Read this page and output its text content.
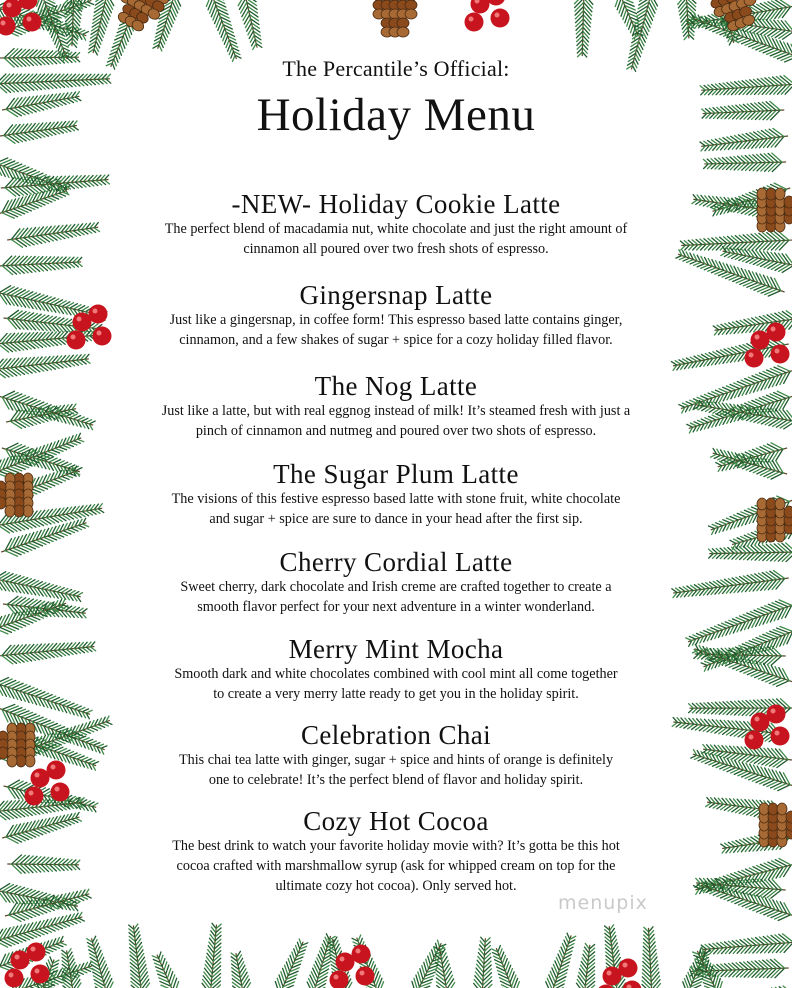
The Percantile’s Official:
Holiday Menu
-NEW- Holiday Cookie Latte
The perfect blend of macadamia nut, white chocolate and just the right amount of
cinnamon all poured over two fresh shots of espresso.
Gingersnap Latte
Just like a gingersnap, in coffee form! This espresso based latte contains ginger,
cinnamon, and a few shakes of sugar + spice for a cozy holiday filled flavor.
The Nog Latte
Just like a latte, but with real eggnog instead of milk! It’s steamed fresh with just a
pinch of cinnamon and nutmeg and poured over two shots of espresso.
The Sugar Plum Latte
The visions of this festive espresso based latte with stone fruit, white chocolate
and sugar + spice are sure to dance in your head after the first sip.
Cherry Cordial Latte
Sweet cherry, dark chocolate and Irish creme are crafted together to create a
smooth flavor perfect for your next adventure in a winter wonderland.
Merry Mint Mocha
Smooth dark and white chocolates combined with cool mint all come together
to create a very merry latte ready to get you in the holiday spirit.
Celebration Chai
This chai tea latte with ginger, sugar + spice and hints of orange is definitely
one to celebrate! It’s the perfect blend of flavor and holiday spirit.
Cozy Hot Cocoa
The best drink to watch your favorite holiday movie with? It’s gotta be this hot
cocoa crafted with marshmallow syrup (ask for whipped cream on top for the
ultimate cozy hot cocoa). Only served hot.
menupix
